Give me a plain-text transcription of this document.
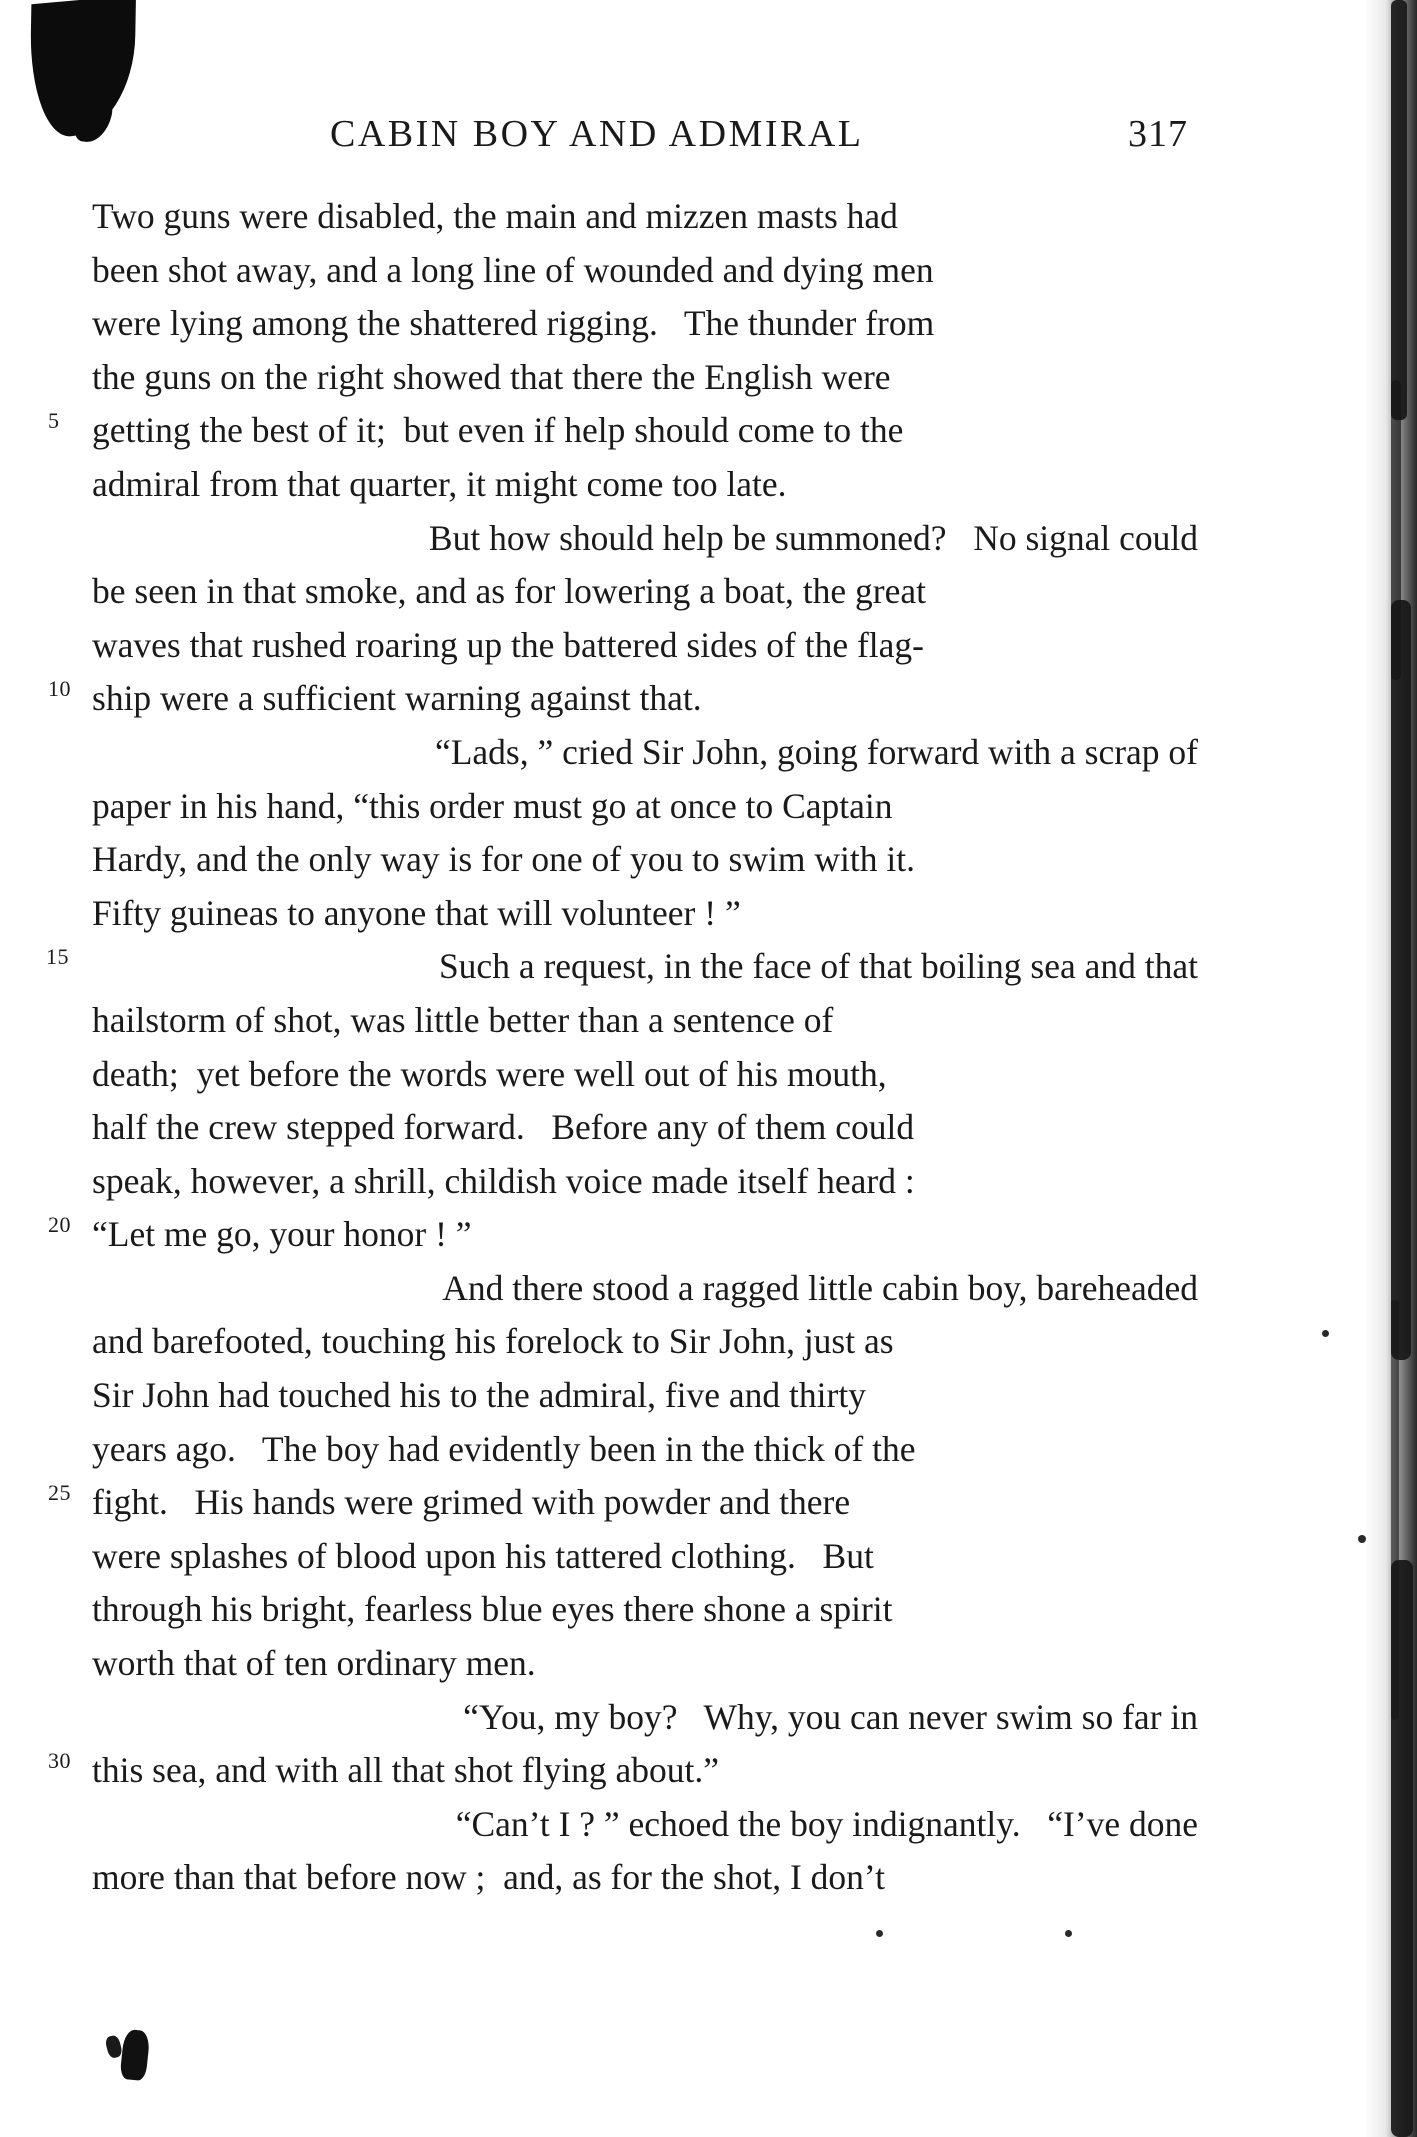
CABIN BOY AND ADMIRAL	317

Two guns were disabled, the main and mizzen masts had
been shot away, and a long line of wounded and dying men
were lying among the shattered rigging.   The thunder from
the guns on the right showed that there the English were
getting the best of it;  but even if help should come to the
admiral from that quarter, it might come too late.

But how should help be summoned?   No signal could
be seen in that smoke, and as for lowering a boat, the great
waves that rushed roaring up the battered sides of the flag-
ship were a sufficient warning against that.

“Lads, ” cried Sir John, going forward with a scrap of
paper in his hand, “this order must go at once to Captain
Hardy, and the only way is for one of you to swim with it.
Fifty guineas to anyone that will volunteer ! ”

Such a request, in the face of that boiling sea and that
hailstorm of shot, was little better than a sentence of
death;  yet before the words were well out of his mouth,
half the crew stepped forward.   Before any of them could
speak, however, a shrill, childish voice made itself heard :
“Let me go, your honor ! ”

And there stood a ragged little cabin boy, bareheaded
and barefooted, touching his forelock to Sir John, just as
Sir John had touched his to the admiral, five and thirty
years ago.   The boy had evidently been in the thick of the
fight.   His hands were grimed with powder and there
were splashes of blood upon his tattered clothing.   But
through his bright, fearless blue eyes there shone a spirit
worth that of ten ordinary men.

“You, my boy?   Why, you can never swim so far in
this sea, and with all that shot flying about.”

“Can’t I ? ” echoed the boy indignantly.   “I’ve done
more than that before now ;  and, as for the shot, I don’t

5
10
15
20
25
30
